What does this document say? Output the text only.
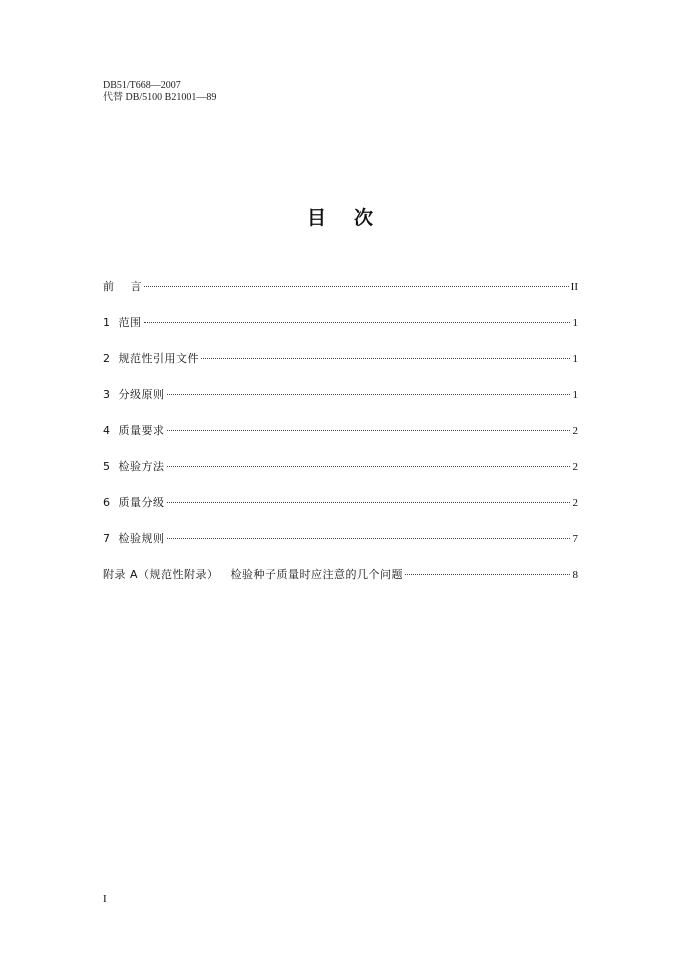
DB51/T668—2007
代替 DB/5100 B21001—89
目次
前    言	II
1  范围	1
2  规范性引用文件	1
3  分级原则	1
4  质量要求	2
5  检验方法	2
6  质量分级	2
7  检验规则	7
附录 A（规范性附录）   检验种子质量时应注意的几个问题	8
I
